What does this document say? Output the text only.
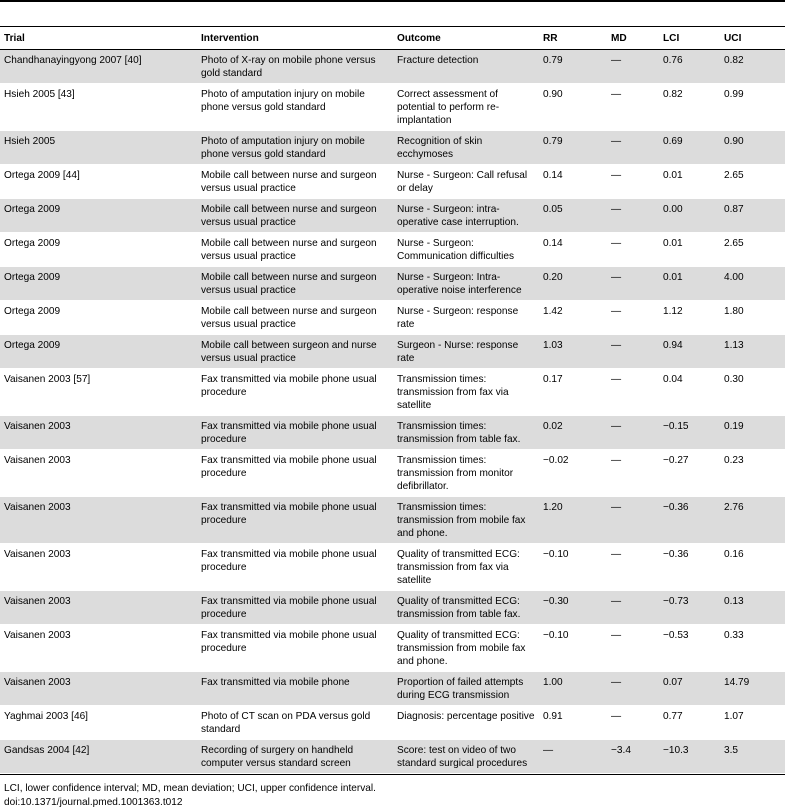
Trial	Intervention	Outcome	RR	MD	LCI	UCI
Chandhanayingyong 2007 [40]	Photo of X-ray on mobile phone versus gold standard	Fracture detection	0.79	—	0.76	0.82
Hsieh 2005 [43]	Photo of amputation injury on mobile phone versus gold standard	Correct assessment of potential to perform re-implantation	0.90	—	0.82	0.99
Hsieh 2005	Photo of amputation injury on mobile phone versus gold standard	Recognition of skin ecchymoses	0.79	—	0.69	0.90
Ortega 2009 [44]	Mobile call between nurse and surgeon versus usual practice	Nurse - Surgeon: Call refusal or delay	0.14	—	0.01	2.65
Ortega 2009	Mobile call between nurse and surgeon versus usual practice	Nurse - Surgeon: intra-operative case interruption.	0.05	—	0.00	0.87
Ortega 2009	Mobile call between nurse and surgeon versus usual practice	Nurse - Surgeon: Communication difficulties	0.14	—	0.01	2.65
Ortega 2009	Mobile call between nurse and surgeon versus usual practice	Nurse - Surgeon: Intra-operative noise interference	0.20	—	0.01	4.00
Ortega 2009	Mobile call between nurse and surgeon versus usual practice	Nurse - Surgeon: response rate	1.42	—	1.12	1.80
Ortega 2009	Mobile call between surgeon and nurse versus usual practice	Surgeon - Nurse: response rate	1.03	—	0.94	1.13
Vaisanen 2003 [57]	Fax transmitted via mobile phone usual procedure	Transmission times: transmission from fax via satellite	0.17	—	0.04	0.30
Vaisanen 2003	Fax transmitted via mobile phone usual procedure	Transmission times: transmission from table fax.	0.02	—	−0.15	0.19
Vaisanen 2003	Fax transmitted via mobile phone usual procedure	Transmission times: transmission from monitor defibrillator.	−0.02	—	−0.27	0.23
Vaisanen 2003	Fax transmitted via mobile phone usual procedure	Transmission times: transmission from mobile fax and phone.	1.20	—	−0.36	2.76
Vaisanen 2003	Fax transmitted via mobile phone usual procedure	Quality of transmitted ECG: transmission from fax via satellite	−0.10	—	−0.36	0.16
Vaisanen 2003	Fax transmitted via mobile phone usual procedure	Quality of transmitted ECG: transmission from table fax.	−0.30	—	−0.73	0.13
Vaisanen 2003	Fax transmitted via mobile phone usual procedure	Quality of transmitted ECG: transmission from mobile fax and phone.	−0.10	—	−0.53	0.33
Vaisanen 2003	Fax transmitted via mobile phone	Proportion of failed attempts during ECG transmission	1.00	—	0.07	14.79
Yaghmai 2003 [46]	Photo of CT scan on PDA versus gold standard	Diagnosis: percentage positive	0.91	—	0.77	1.07
Gandsas 2004 [42]	Recording of surgery on handheld computer versus standard screen	Score: test on video of two standard surgical procedures	—	−3.4	−10.3	3.5
LCI, lower confidence interval; MD, mean deviation; UCI, upper confidence interval.
doi:10.1371/journal.pmed.1001363.t012
